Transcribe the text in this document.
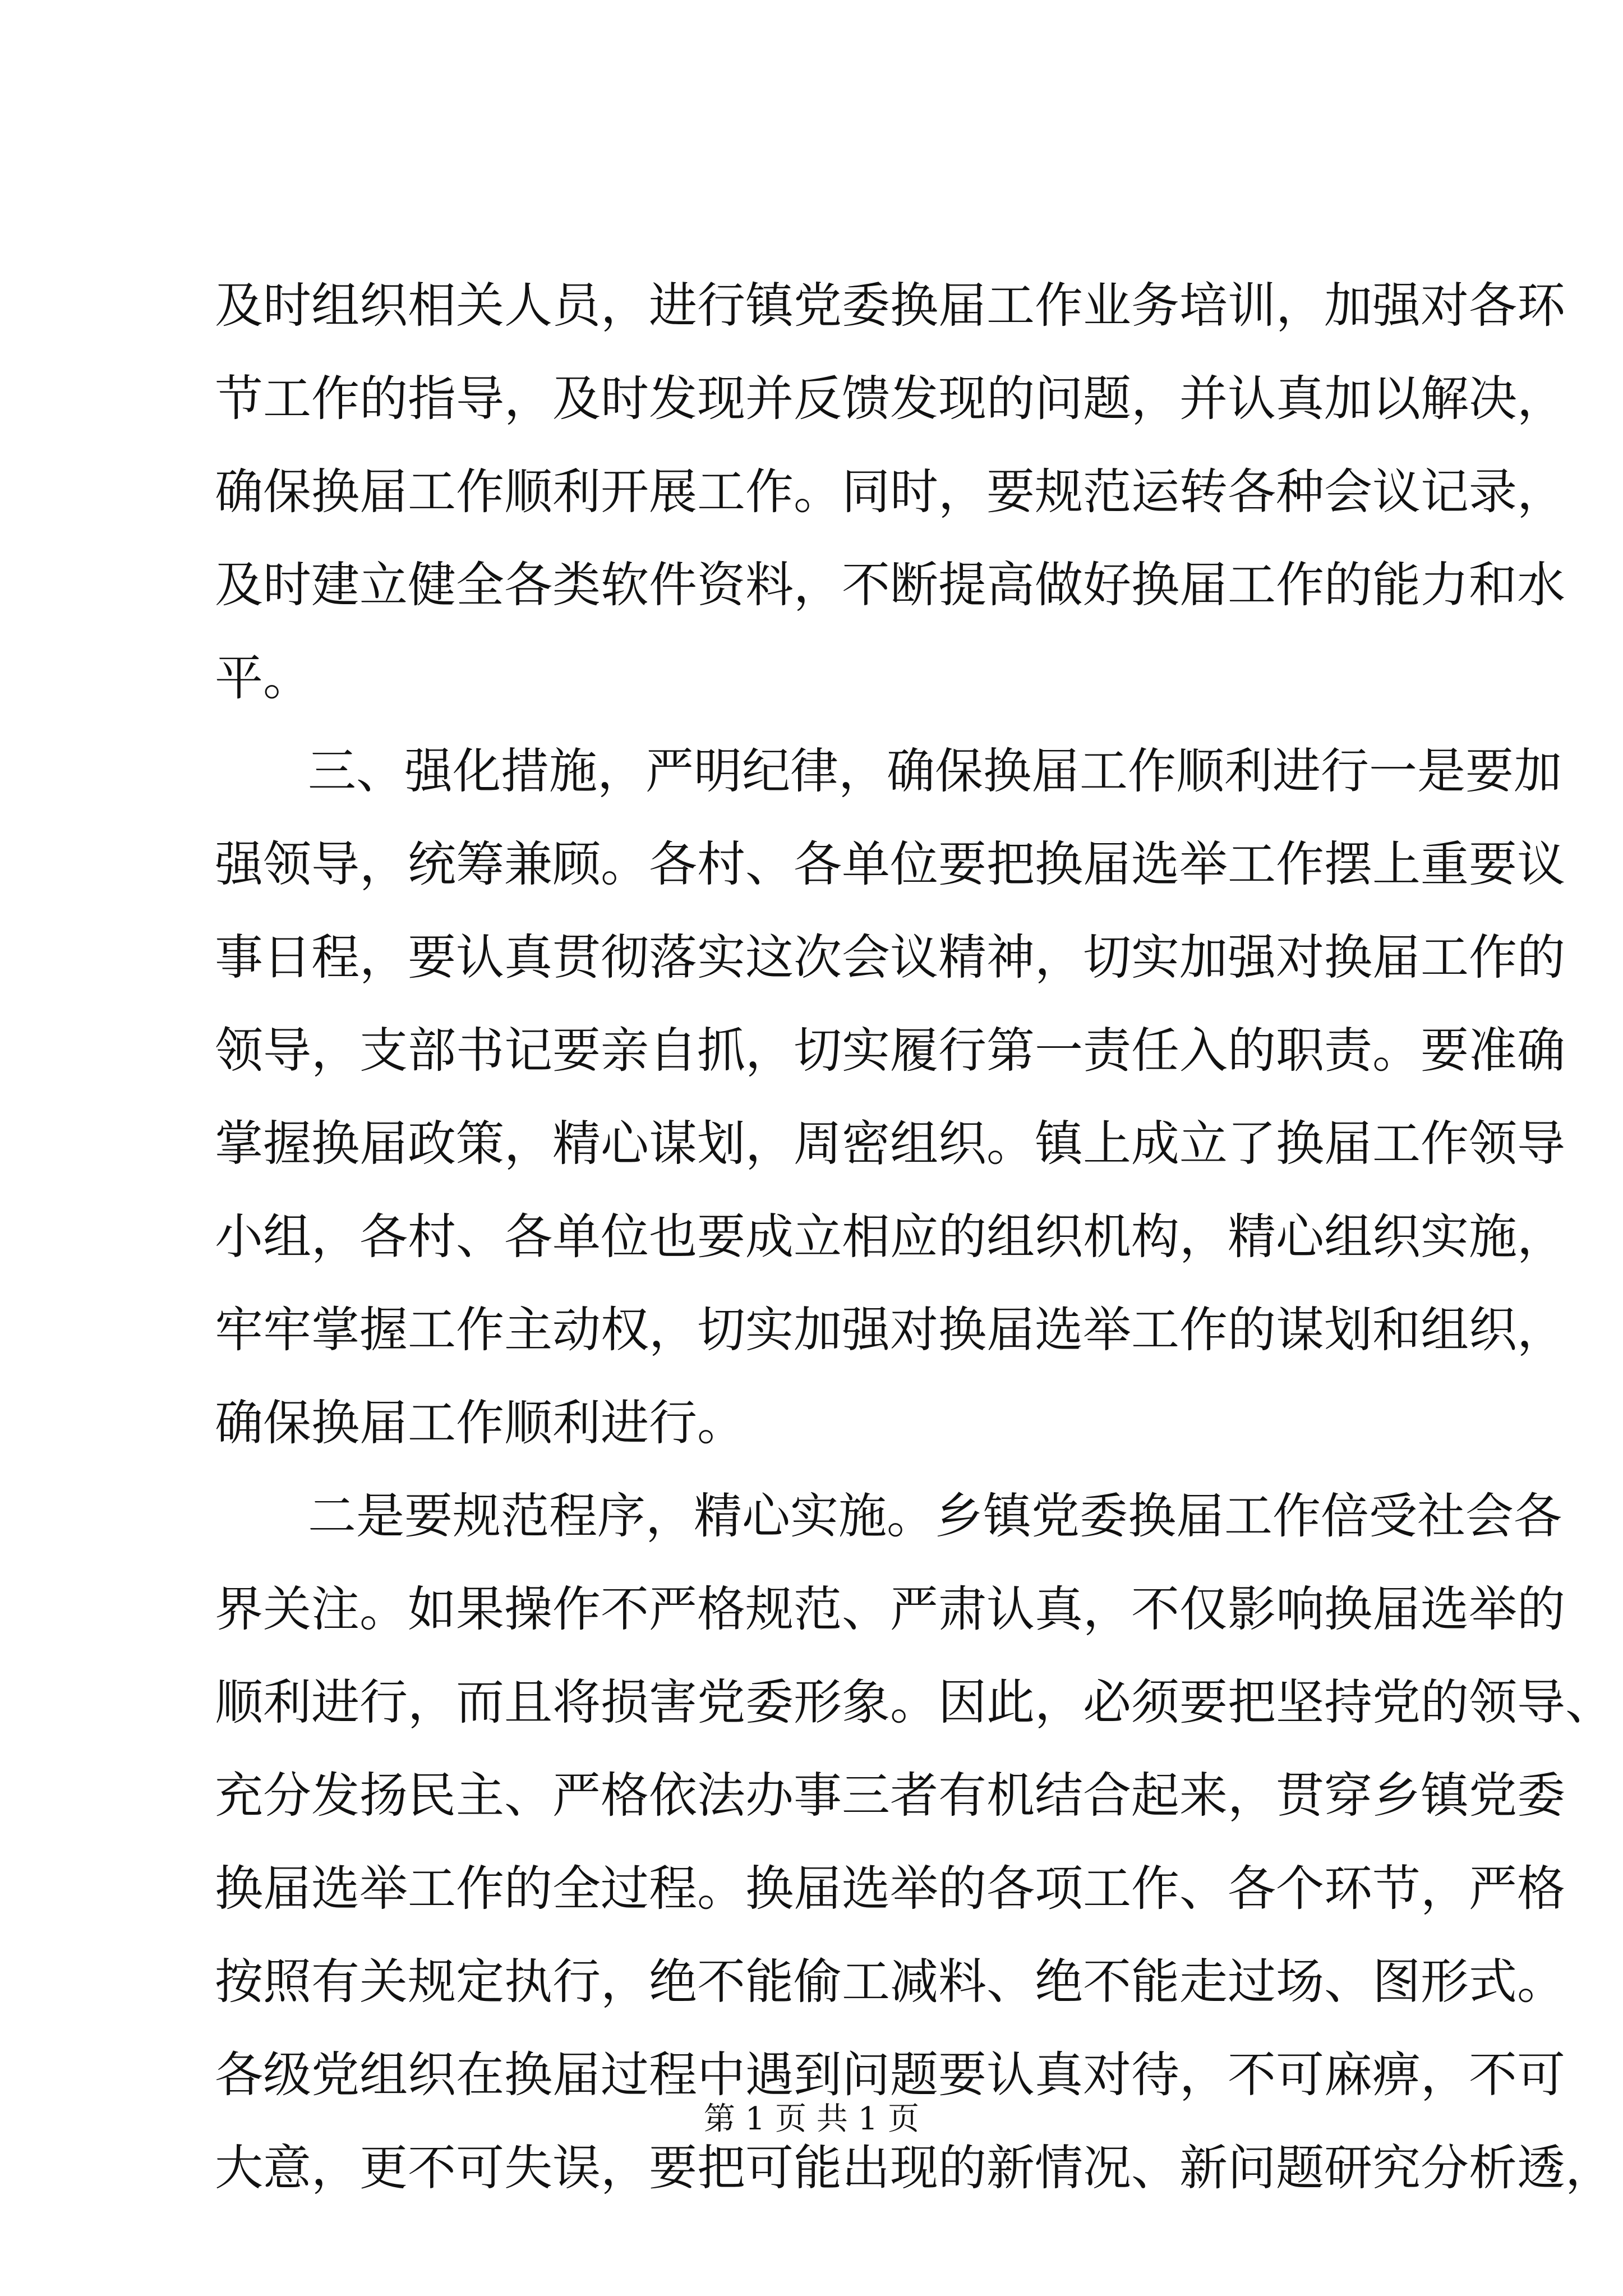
及时组织相关人员，进行镇党委换届工作业务培训，加强对各环
节工作的指导，及时发现并反馈发现的问题，并认真加以解决，
确保换届工作顺利开展工作。同时，要规范运转各种会议记录，
及时建立健全各类软件资料，不断提高做好换届工作的能力和水
平。
三、强化措施，严明纪律，确保换届工作顺利进行一是要加
强领导，统筹兼顾。各村、各单位要把换届选举工作摆上重要议
事日程，要认真贯彻落实这次会议精神，切实加强对换届工作的
领导，支部书记要亲自抓，切实履行第一责任入的职责。要准确
掌握换届政策，精心谋划，周密组织。镇上成立了换届工作领导
小组，各村、各单位也要成立相应的组织机构，精心组织实施，
牢牢掌握工作主动权，切实加强对换届选举工作的谋划和组织，
确保换届工作顺利进行。
二是要规范程序，精心实施。乡镇党委换届工作倍受社会各
界关注。如果操作不严格规范、严肃认真，不仅影响换届选举的
顺利进行，而且将损害党委形象。因此，必须要把坚持党的领导、
充分发扬民主、严格依法办事三者有机结合起来，贯穿乡镇党委
换届选举工作的全过程。换届选举的各项工作、各个环节，严格
按照有关规定执行，绝不能偷工减料、绝不能走过场、图形式。
各级党组织在换届过程中遇到问题要认真对待，不可麻痹，不可
大意，更不可失误，要把可能出现的新情况、新问题研究分析透，
第 1 页 共 1 页
